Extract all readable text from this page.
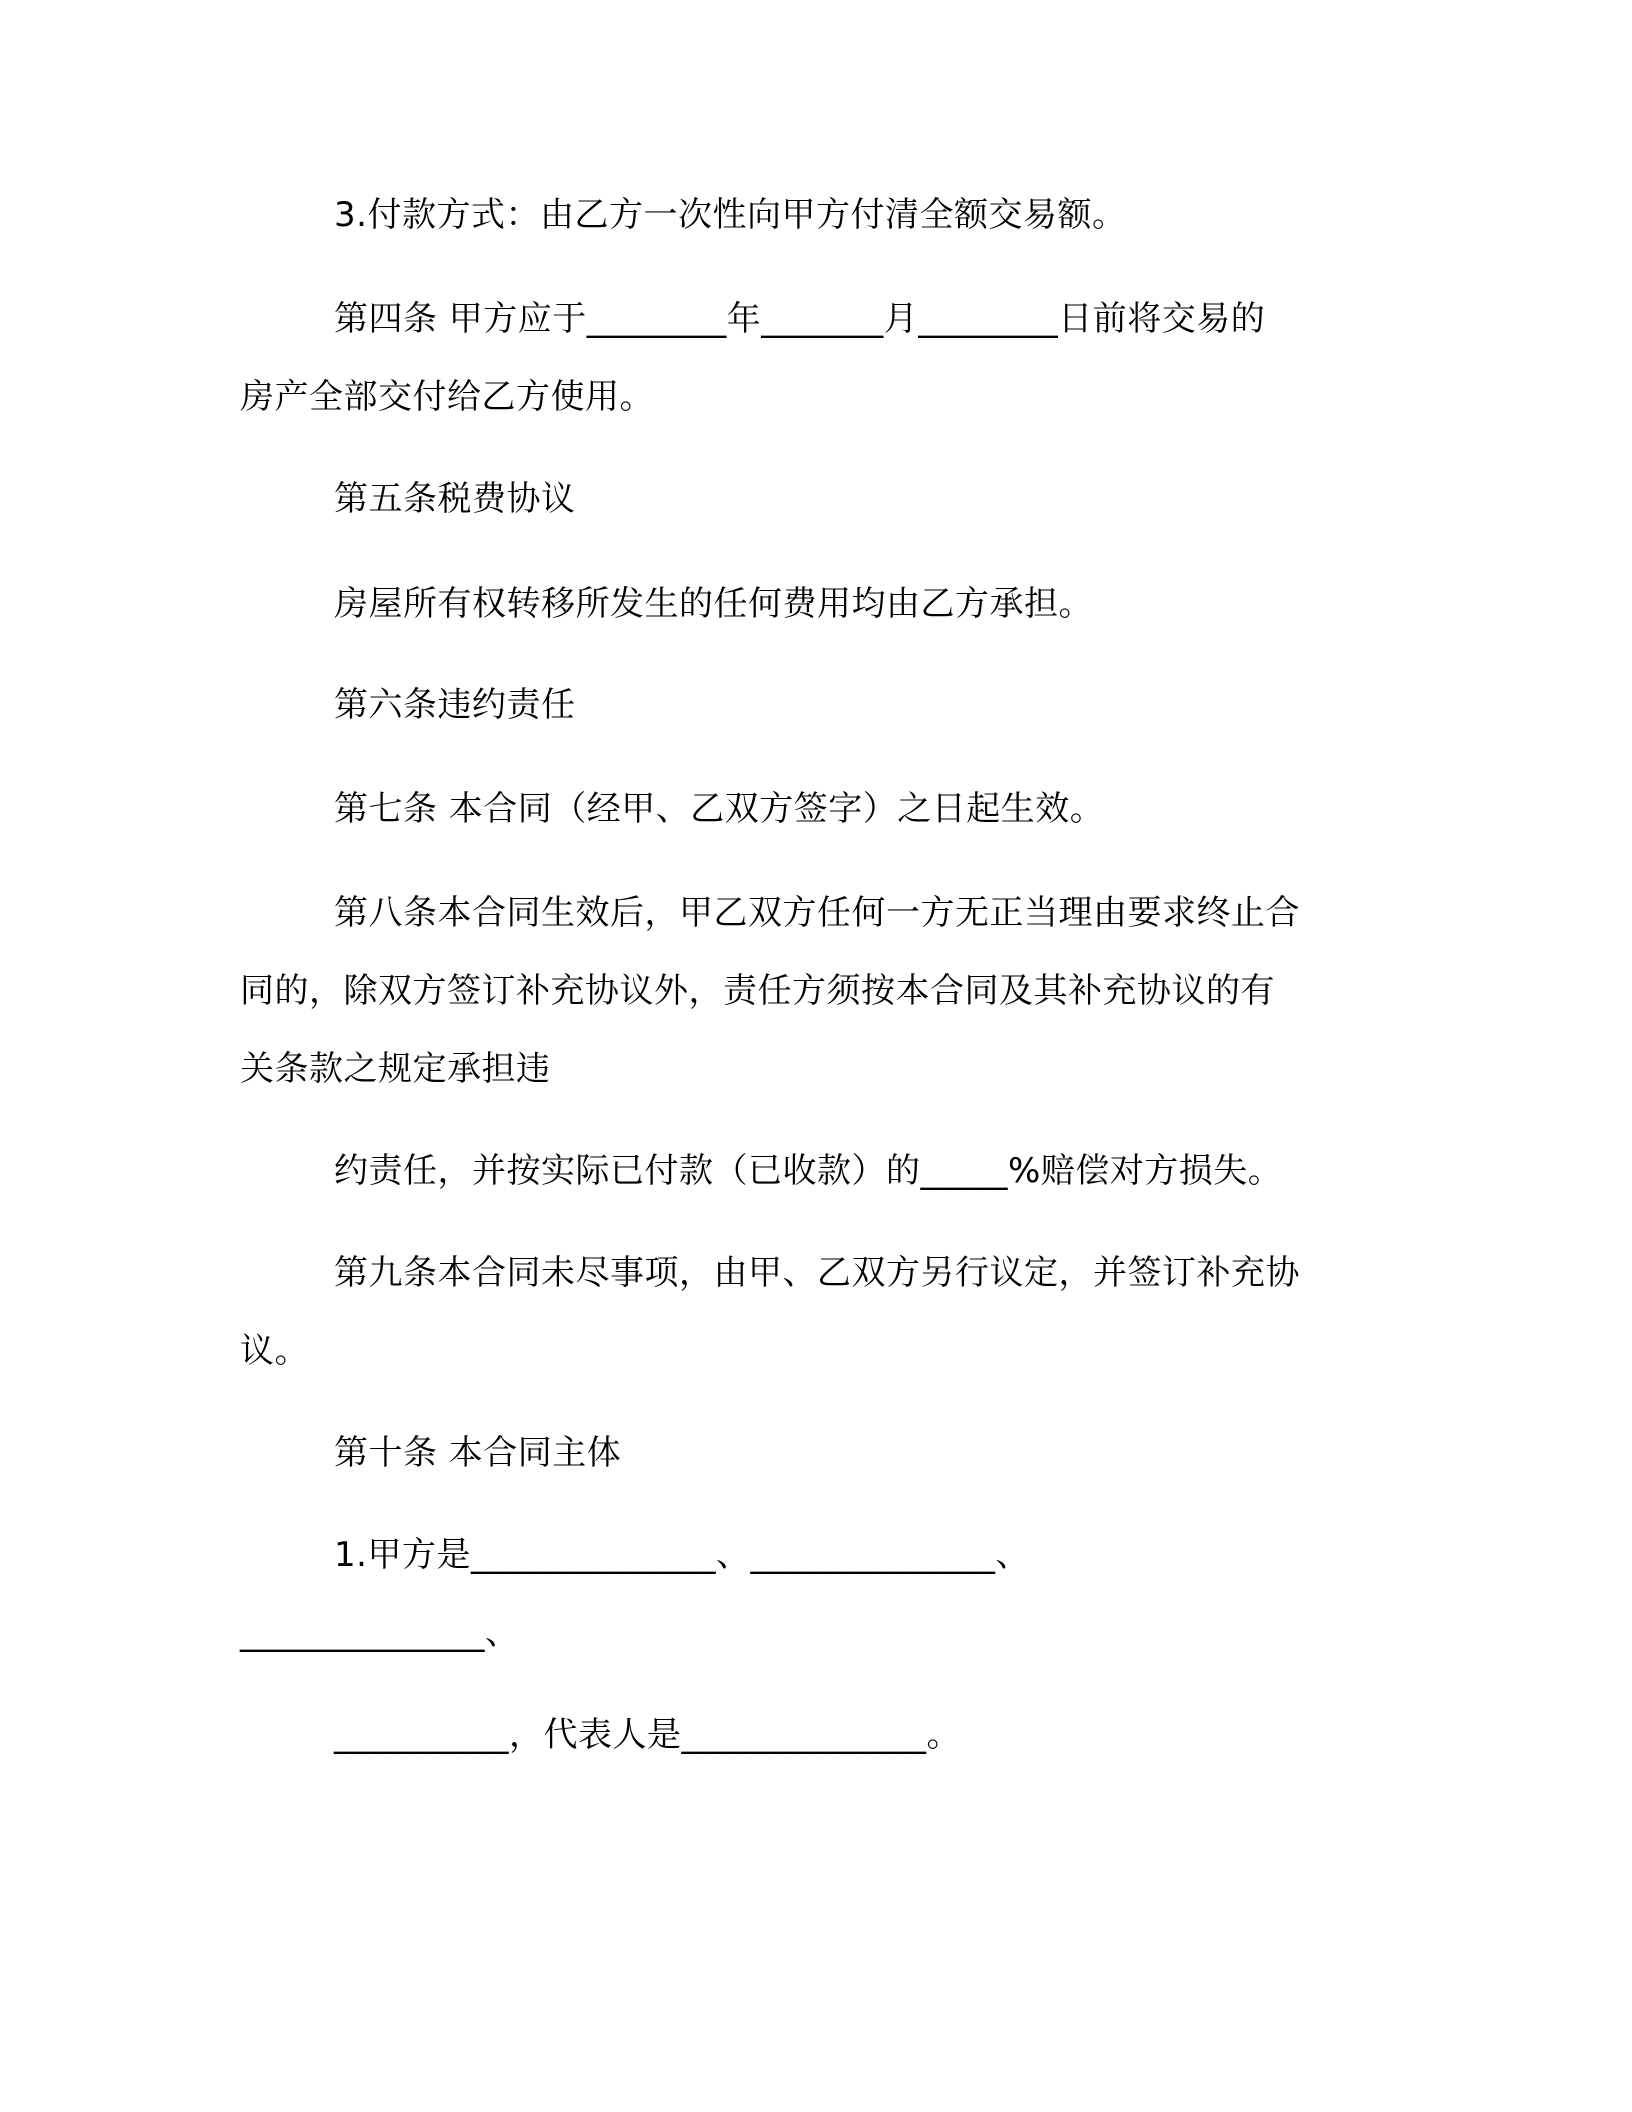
3.付款方式：由乙方一次性向甲方付清全额交易额。

第四条 甲方应于________年_______月________日前将交易的
房产全部交付给乙方使用。

第五条税费协议

房屋所有权转移所发生的任何费用均由乙方承担。

第六条违约责任

第七条 本合同（经甲、乙双方签字）之日起生效。

第八条本合同生效后，甲乙双方任何一方无正当理由要求终止合
同的，除双方签订补充协议外，责任方须按本合同及其补充协议的有
关条款之规定承担违

约责任，并按实际已付款（已收款）的_____%赔偿对方损失。

第九条本合同未尽事项，由甲、乙双方另行议定，并签订补充协
议。

第十条 本合同主体

1.甲方是______________、______________、
______________、

__________，代表人是______________。
